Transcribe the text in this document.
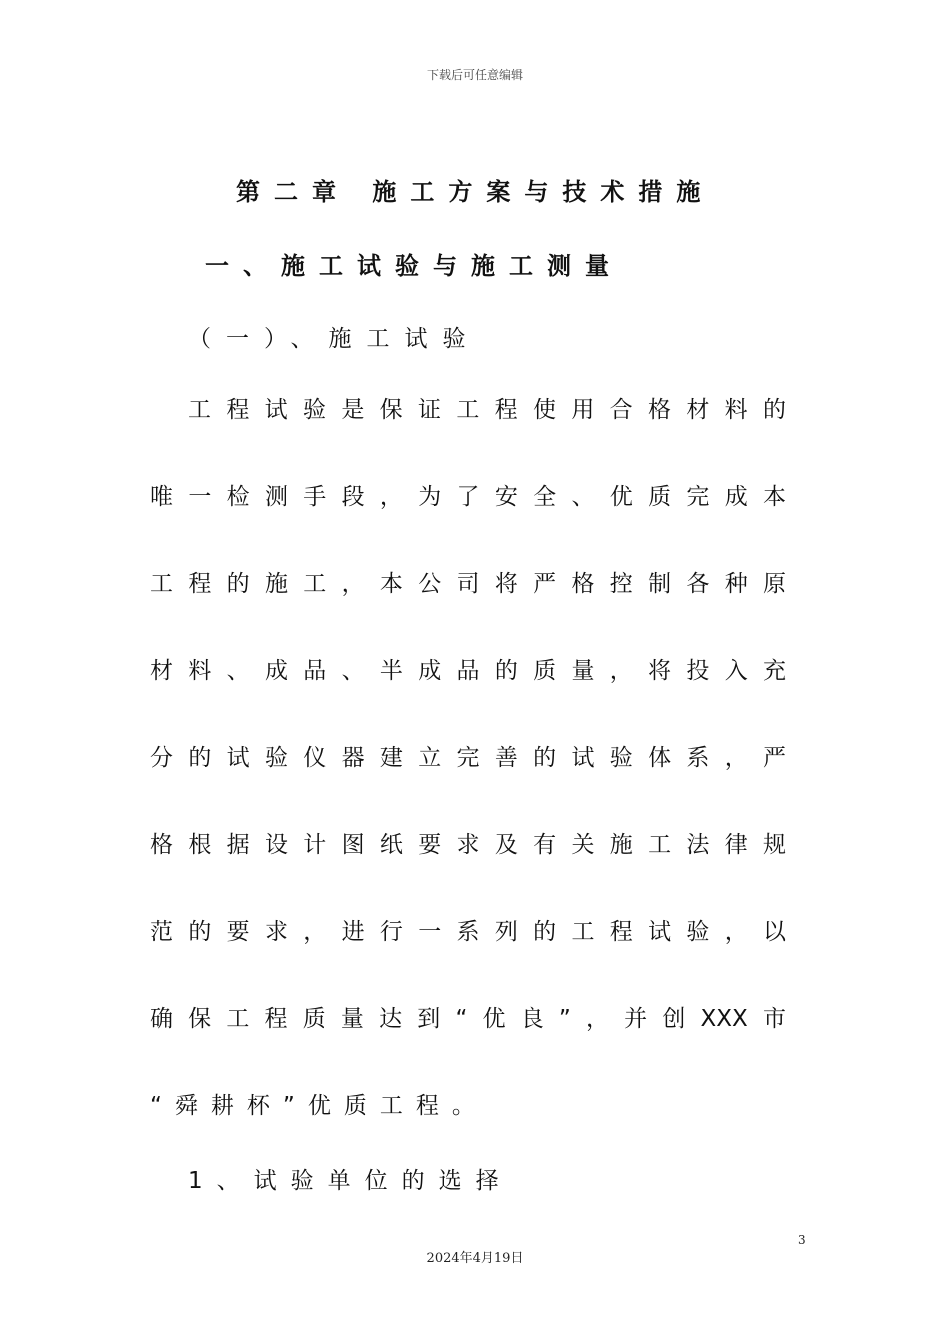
下载后可任意编辑
第二章 施工方案与技术措施
一、施工试验与施工测量
（一）、施工试验
工程试验是保证工程使用合格材料的
唯一检测手段，为了安全、优质完成本
工程的施工，本公司将严格控制各种原
材料、成品、半成品的质量，将投入充
分的试验仪器建立完善的试验体系，严
格根据设计图纸要求及有关施工法律规
范的要求，进行一系列的工程试验，以
确保工程质量达到“优良”，并创XXX市
“舜耕杯”优质工程。
1、试验单位的选择
3
2024年4月19日
